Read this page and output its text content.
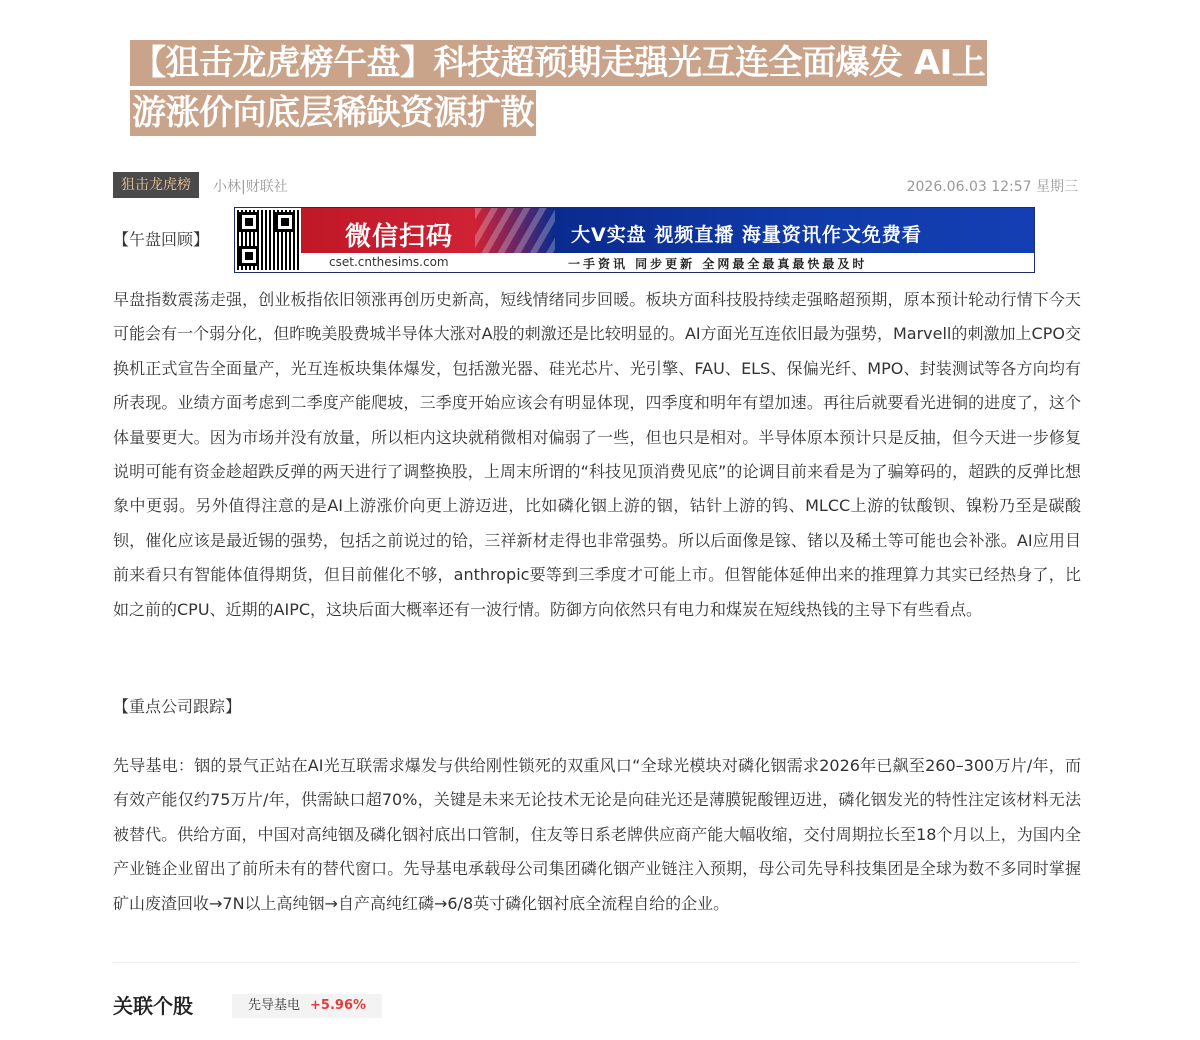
【狙击龙虎榜午盘】科技超预期走强光互连全面爆发 AI上
游涨价向底层稀缺资源扩散
狙击龙虎榜	小林|财联社	2026.06.03 12:57 星期三
【午盘回顾】	微信扫码	大V实盘 视频直播 海量资讯作文免费看
cset.cnthesims.com	一手资讯 同步更新 全网最全最真最快最及时

早盘指数震荡走强，创业板指依旧领涨再创历史新高，短线情绪同步回暖。板块方面科技股持续走强略超预期，原本预计轮动行情下今天可能会有一个弱分化，但昨晚美股费城半导体大涨对A股的刺激还是比较明显的。AI方面光互连依旧最为强势，Marvell的刺激加上CPO交换机正式宣告全面量产，光互连板块集体爆发，包括激光器、硅光芯片、光引擎、FAU、ELS、保偏光纤、MPO、封装测试等各方向均有所表现。业绩方面考虑到二季度产能爬坡，三季度开始应该会有明显体现，四季度和明年有望加速。再往后就要看光进铜的进度了，这个体量要更大。因为市场并没有放量，所以柜内这块就稍微相对偏弱了一些，但也只是相对。半导体原本预计只是反抽，但今天进一步修复说明可能有资金趁超跌反弹的两天进行了调整换股，上周末所谓的“科技见顶消费见底”的论调目前来看是为了骗筹码的，超跌的反弹比想象中更弱。另外值得注意的是AI上游涨价向更上游迈进，比如磷化铟上游的铟，钴针上游的钨、MLCC上游的钛酸钡、镍粉乃至是碳酸钡，催化应该是最近锡的强势，包括之前说过的铪，三祥新材走得也非常强势。所以后面像是镓、锗以及稀土等可能也会补涨。AI应用目前来看只有智能体值得期货，但目前催化不够，anthropic要等到三季度才可能上市。但智能体延伸出来的推理算力其实已经热身了，比如之前的CPU、近期的AIPC，这块后面大概率还有一波行情。防御方向依然只有电力和煤炭在短线热钱的主导下有些看点。

【重点公司跟踪】

先导基电：铟的景气正站在AI光互联需求爆发与供给刚性锁死的双重风口“全球光模块对磷化铟需求2026年已飙至260–300万片/年，而有效产能仅约75万片/年，供需缺口超70%，关键是未来无论技术无论是向硅光还是薄膜铌酸锂迈进，磷化铟发光的特性注定该材料无法被替代。供给方面，中国对高纯铟及磷化铟衬底出口管制，住友等日系老牌供应商产能大幅收缩，交付周期拉长至18个月以上，为国内全产业链企业留出了前所未有的替代窗口。先导基电承载母公司集团磷化铟产业链注入预期，母公司先导科技集团是全球为数不多同时掌握矿山废渣回收→7N以上高纯铟→自产高纯红磷→6/8英寸磷化铟衬底全流程自给的企业。

关联个股	先导基电 +5.96%
